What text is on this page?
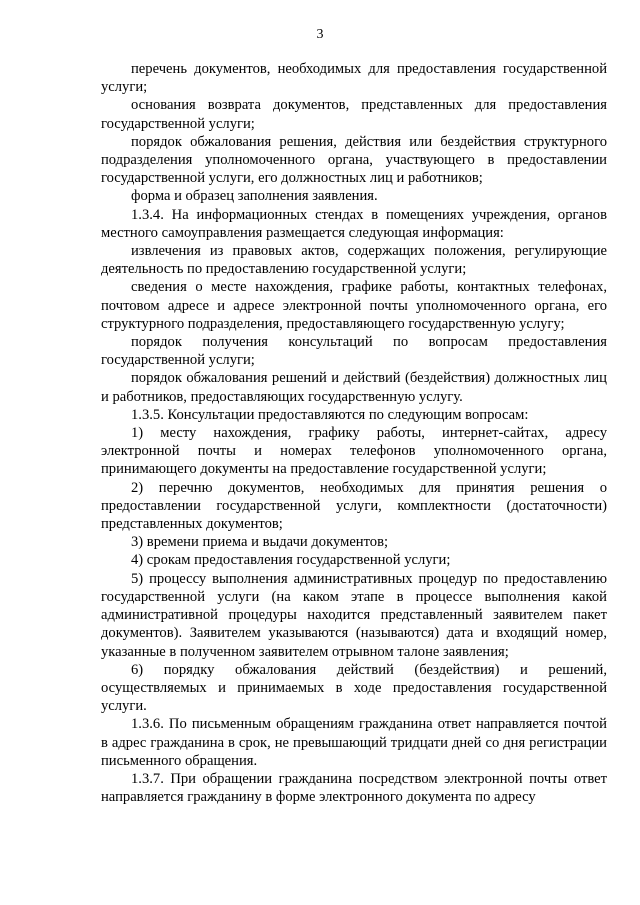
3

перечень документов, необходимых для предоставления государственной услуги;

основания возврата документов, представленных для предоставления государственной услуги;

порядок обжалования решения, действия или бездействия структурного подразделения уполномоченного органа, участвующего в предоставлении государственной услуги, его должностных лиц и работников;

форма и образец заполнения заявления.

1.3.4. На информационных стендах в помещениях учреждения, органов местного самоуправления размещается следующая информация:

извлечения из правовых актов, содержащих положения, регулирующие деятельность по предоставлению государственной услуги;

сведения о месте нахождения, графике работы, контактных телефонах, почтовом адресе и адресе электронной почты уполномоченного органа, его структурного подразделения, предоставляющего государственную услугу;

порядок получения консультаций по вопросам предоставления государственной услуги;

порядок обжалования решений и действий (бездействия) должностных лиц и работников, предоставляющих государственную услугу.

1.3.5. Консультации предоставляются по следующим вопросам:

1) месту нахождения, графику работы, интернет-сайтах, адресу электронной почты и номерах телефонов уполномоченного органа, принимающего документы на предоставление государственной услуги;

2) перечню документов, необходимых для принятия решения о предоставлении государственной услуги, комплектности (достаточности) представленных документов;

3) времени приема и выдачи документов;

4) срокам предоставления государственной услуги;

5) процессу выполнения административных процедур по предоставлению государственной услуги (на каком этапе в процессе выполнения какой административной процедуры находится представленный заявителем пакет документов). Заявителем указываются (называются) дата и входящий номер, указанные в полученном заявителем отрывном талоне заявления;

6) порядку обжалования действий (бездействия) и решений, осуществляемых и принимаемых в ходе предоставления государственной услуги.

1.3.6. По письменным обращениям гражданина ответ направляется почтой в адрес гражданина в срок, не превышающий тридцати дней со дня регистрации письменного обращения.

1.3.7. При обращении гражданина посредством электронной почты ответ направляется гражданину в форме электронного документа по адресу
